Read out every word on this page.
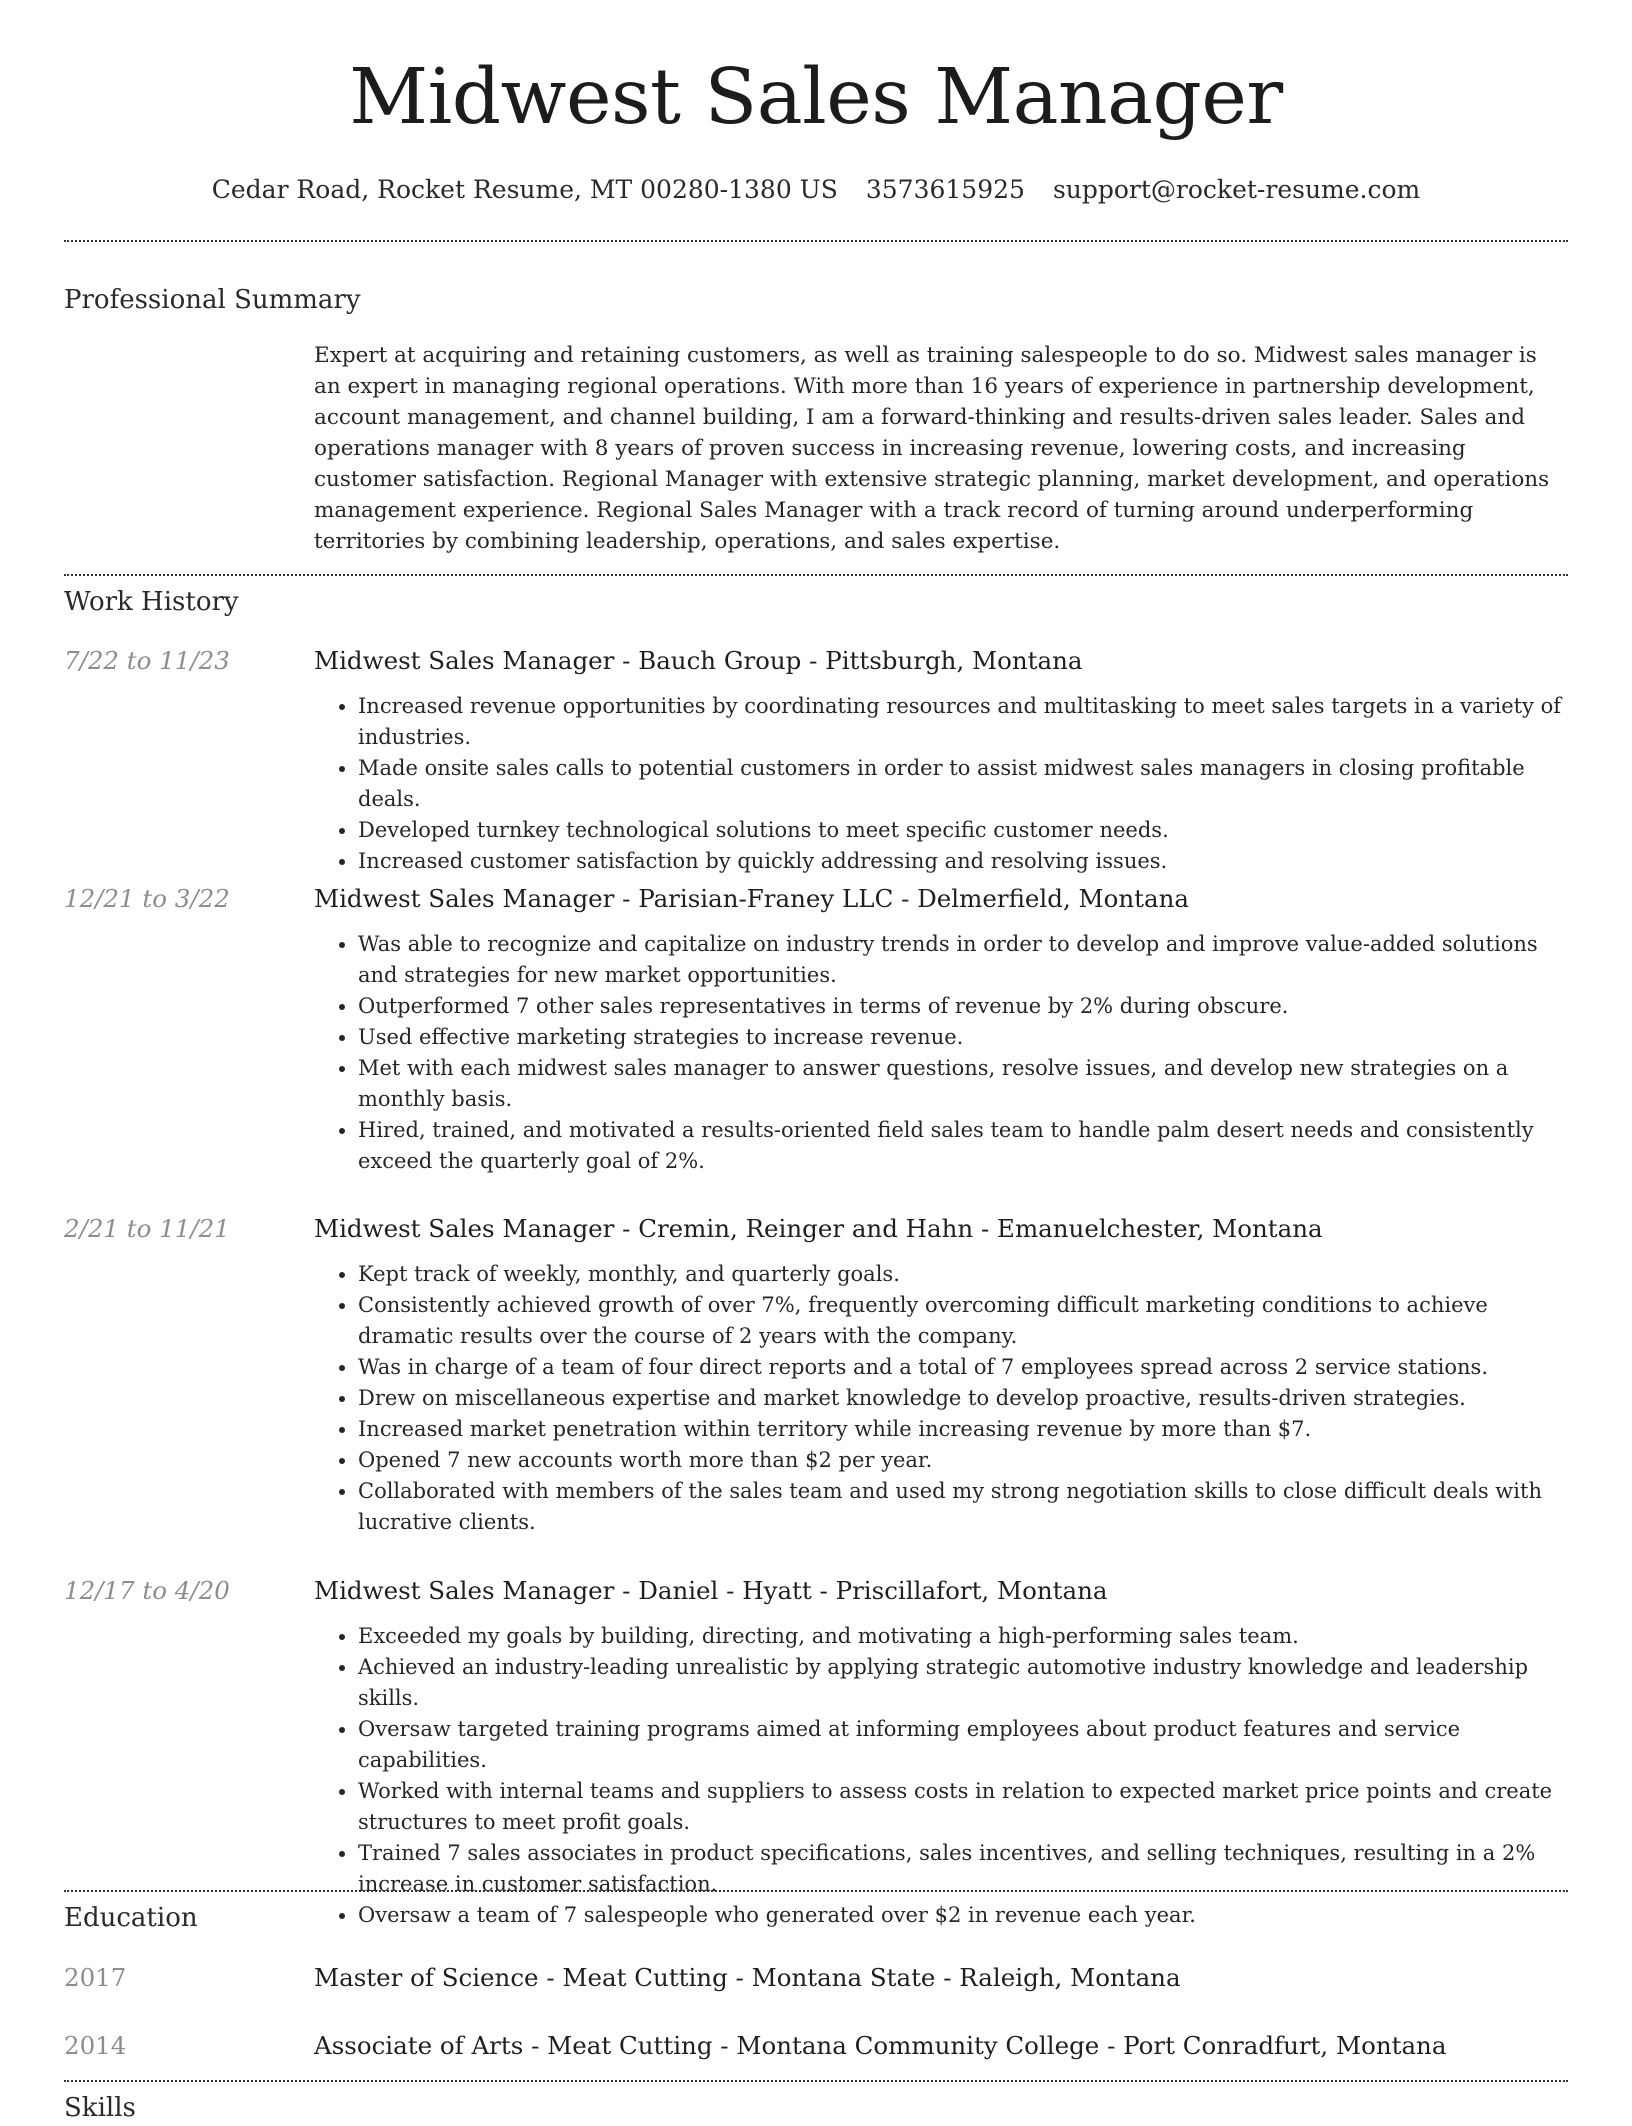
Midwest Sales Manager
Cedar Road, Rocket Resume, MT 00280-1380 US 3573615925 support@rocket-resume.com
Professional Summary
Expert at acquiring and retaining customers, as well as training salespeople to do so. Midwest sales manager is an expert in managing regional operations. With more than 16 years of experience in partnership development, account management, and channel building, I am a forward-thinking and results-driven sales leader. Sales and operations manager with 8 years of proven success in increasing revenue, lowering costs, and increasing customer satisfaction. Regional Manager with extensive strategic planning, market development, and operations management experience. Regional Sales Manager with a track record of turning around underperforming territories by combining leadership, operations, and sales expertise.
Work History
7/22 to 11/23	Midwest Sales Manager - Bauch Group - Pittsburgh, Montana
• Increased revenue opportunities by coordinating resources and multitasking to meet sales targets in a variety of industries.
• Made onsite sales calls to potential customers in order to assist midwest sales managers in closing profitable deals.
• Developed turnkey technological solutions to meet specific customer needs.
• Increased customer satisfaction by quickly addressing and resolving issues.
12/21 to 3/22	Midwest Sales Manager - Parisian-Franey LLC - Delmerfield, Montana
• Was able to recognize and capitalize on industry trends in order to develop and improve value-added solutions and strategies for new market opportunities.
• Outperformed 7 other sales representatives in terms of revenue by 2% during obscure.
• Used effective marketing strategies to increase revenue.
• Met with each midwest sales manager to answer questions, resolve issues, and develop new strategies on a monthly basis.
• Hired, trained, and motivated a results-oriented field sales team to handle palm desert needs and consistently exceed the quarterly goal of 2%.
2/21 to 11/21	Midwest Sales Manager - Cremin, Reinger and Hahn - Emanuelchester, Montana
• Kept track of weekly, monthly, and quarterly goals.
• Consistently achieved growth of over 7%, frequently overcoming difficult marketing conditions to achieve dramatic results over the course of 2 years with the company.
• Was in charge of a team of four direct reports and a total of 7 employees spread across 2 service stations.
• Drew on miscellaneous expertise and market knowledge to develop proactive, results-driven strategies.
• Increased market penetration within territory while increasing revenue by more than $7.
• Opened 7 new accounts worth more than $2 per year.
• Collaborated with members of the sales team and used my strong negotiation skills to close difficult deals with lucrative clients.
12/17 to 4/20	Midwest Sales Manager - Daniel - Hyatt - Priscillafort, Montana
• Exceeded my goals by building, directing, and motivating a high-performing sales team.
• Achieved an industry-leading unrealistic by applying strategic automotive industry knowledge and leadership skills.
• Oversaw targeted training programs aimed at informing employees about product features and service capabilities.
• Worked with internal teams and suppliers to assess costs in relation to expected market price points and create structures to meet profit goals.
• Trained 7 sales associates in product specifications, sales incentives, and selling techniques, resulting in a 2% increase in customer satisfaction.
• Oversaw a team of 7 salespeople who generated over $2 in revenue each year.
Education
2017	Master of Science - Meat Cutting - Montana State - Raleigh, Montana
2014	Associate of Arts - Meat Cutting - Montana Community College - Port Conradfurt, Montana
Skills
